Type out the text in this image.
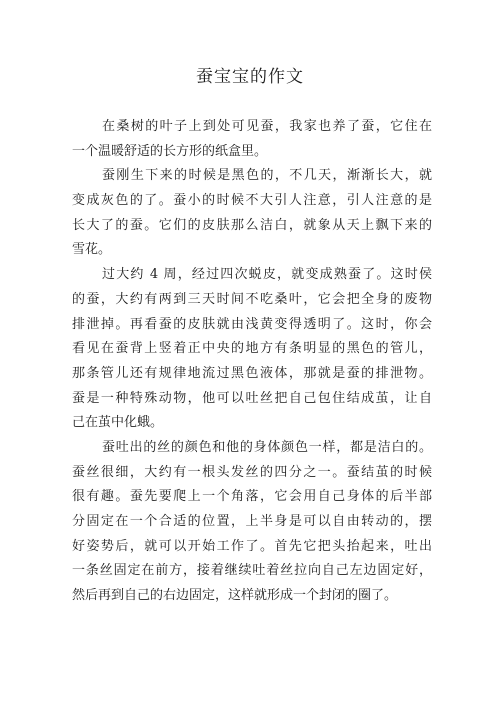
蚕宝宝的作文
在桑树的叶子上到处可见蚕，我家也养了蚕，它住在
一个温暖舒适的长方形的纸盒里。
蚕刚生下来的时候是黑色的，不几天，渐渐长大，就
变成灰色的了。蚕小的时候不大引人注意，引人注意的是
长大了的蚕。它们的皮肤那么洁白，就象从天上飘下来的
雪花。
过大约 4 周，经过四次蜕皮，就变成熟蚕了。这时侯
的蚕，大约有两到三天时间不吃桑叶，它会把全身的废物
排泄掉。再看蚕的皮肤就由浅黄变得透明了。这时，你会
看见在蚕背上竖着正中央的地方有条明显的黑色的管儿，
那条管儿还有规律地流过黑色液体，那就是蚕的排泄物。
蚕是一种特殊动物，他可以吐丝把自己包住结成茧，让自
己在茧中化蛾。
蚕吐出的丝的颜色和他的身体颜色一样，都是洁白的。
蚕丝很细，大约有一根头发丝的四分之一。蚕结茧的时候
很有趣。蚕先要爬上一个角落，它会用自己身体的后半部
分固定在一个合适的位置，上半身是可以自由转动的，摆
好姿势后，就可以开始工作了。首先它把头抬起来，吐出
一条丝固定在前方，接着继续吐着丝拉向自己左边固定好，
然后再到自己的右边固定，这样就形成一个封闭的圈了。
